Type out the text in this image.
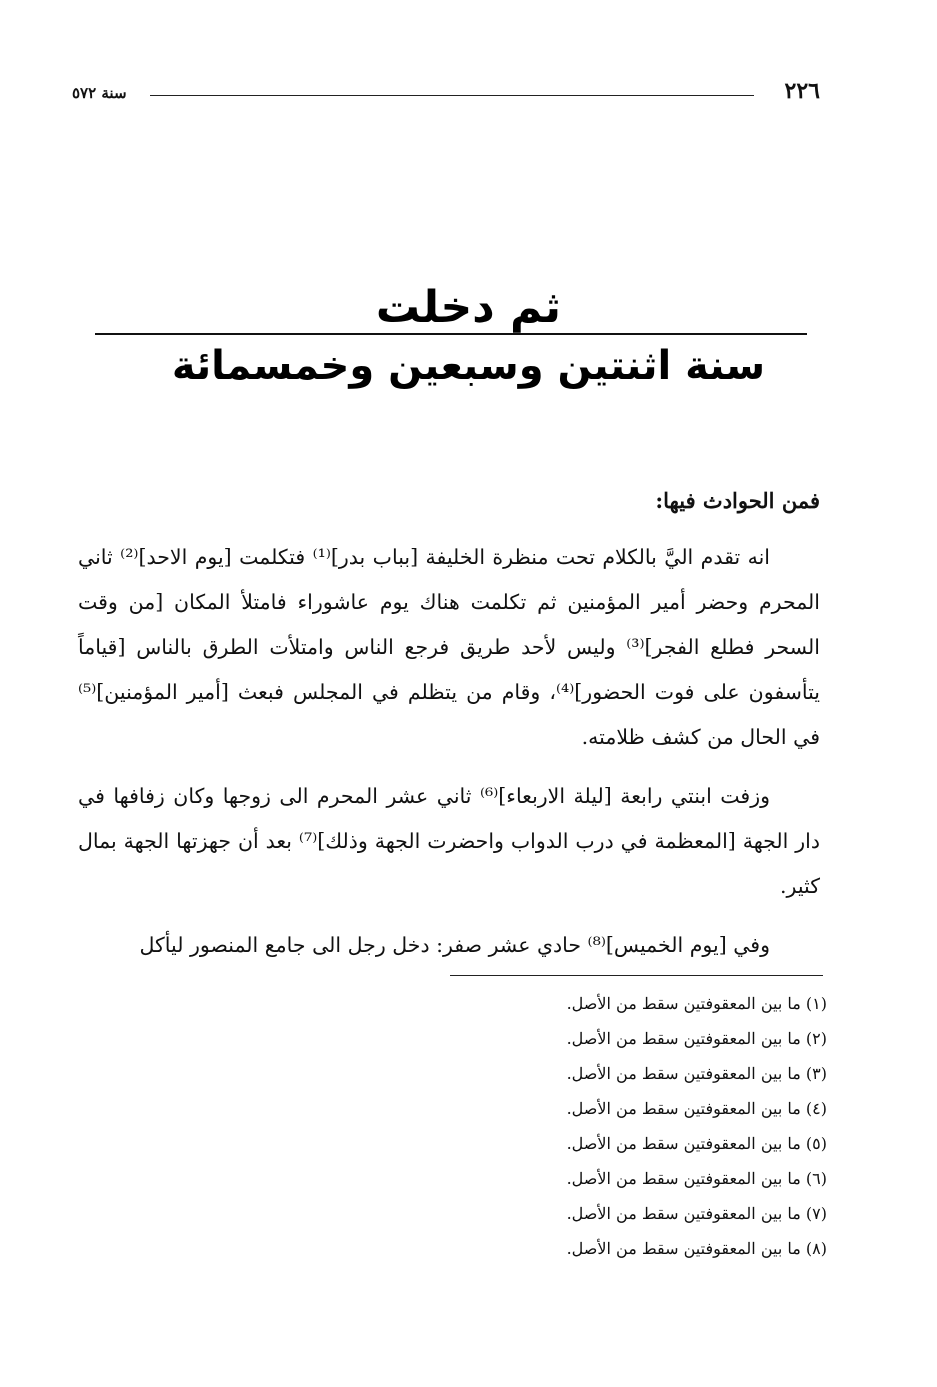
٢٢٦
سنة ٥٧٢
ثم دخلت
سنة اثنتين وسبعين وخمسمائة
فمن الحوادث فيها:

انه تقدم اليَّ بالكلام تحت منظرة الخليفة [بباب بدر]⁽¹⁾ فتكلمت [يوم الاحد]⁽²⁾ ثاني المحرم وحضر أمير المؤمنين ثم تكلمت هناك يوم عاشوراء فامتلأ المكان [من وقت السحر فطلع الفجر]⁽³⁾ وليس لأحد طريق فرجع الناس وامتلأت الطرق بالناس [قياماً يتأسفون على فوت الحضور]⁽⁴⁾، وقام من يتظلم في المجلس فبعث [أمير المؤمنين]⁽⁵⁾ في الحال من كشف ظلامته.

وزفت ابنتي رابعة [ليلة الاربعاء]⁽⁶⁾ ثاني عشر المحرم الى زوجها وكان زفافها في دار الجهة [المعظمة في درب الدواب واحضرت الجهة وذلك]⁽⁷⁾ بعد أن جهزتها الجهة بمال كثير.

وفي [يوم الخميس]⁽⁸⁾ حادي عشر صفر: دخل رجل الى جامع المنصور ليأكل

(١) ما بين المعقوفتين سقط من الأصل.
(٢) ما بين المعقوفتين سقط من الأصل.
(٣) ما بين المعقوفتين سقط من الأصل.
(٤) ما بين المعقوفتين سقط من الأصل.
(٥) ما بين المعقوفتين سقط من الأصل.
(٦) ما بين المعقوفتين سقط من الأصل.
(٧) ما بين المعقوفتين سقط من الأصل.
(٨) ما بين المعقوفتين سقط من الأصل.
